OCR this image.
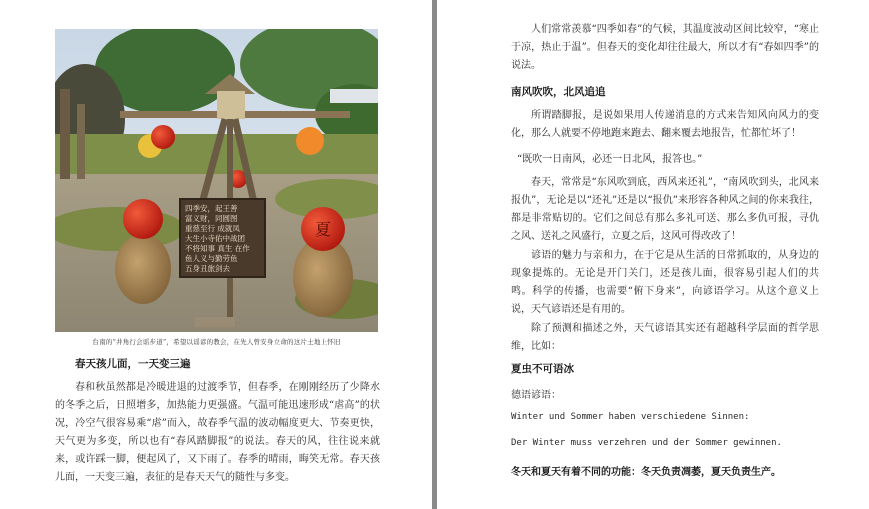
四季安，起王善
富义财，同圆图
重慈至行 成就凤
大生小寺佑中战团
不将知事 真生 在作
鱼人义与勤劳鱼
五身丑旅剑去
夏
台南的“井角行会谣步道”，希望以谣谚的教会，在先人曾安身立命的这片土地上怀旧
春天孩儿面，一天变三遍

春和秋虽然都是冷暖进退的过渡季节，但春季，在刚刚经历了少降水的冬季之后，日照增多，加热能力更强盛。气温可能迅速形成“虐高”的状况，冷空气很容易乘“虐”而入，故春季气温的波动幅度更大、节奏更快，天气更为多变，所以也有“春风踏脚报”的说法。春天的风，往往说来就来，或许踩一脚，便起风了，又下雨了。春季的晴雨，晦笑无常。春天孩儿面，一天变三遍，表征的是春天天气的随性与多变。

人们常常羡慕“四季如春”的气候，其温度波动区间比较窄，“寒止于凉，热止于温”。但春天的变化却往往最大，所以才有“春如四季”的说法。

南风吹吹，北风追追

所谓踏脚报，是说如果用人传递消息的方式来告知风向风力的变化，那么人就要不停地跑来跑去、翻来覆去地报告，忙都忙坏了！

“既吹一日南风，必还一日北风，报答也。”

春天，常常是“东风吹到底，西风来还礼”，“南风吹到头，北风来报仇”，无论是以“还礼”还是以“报仇”来形容各种风之间的你来我往，都是非常贴切的。它们之间总有那么多礼可送、那么多仇可报，寻仇之风、送礼之风盛行，立夏之后，这风可得改改了！

谚语的魅力与亲和力，在于它是从生活的日常抓取的，从身边的现象提炼的。无论是开门关门，还是孩儿面，很容易引起人们的共鸣。科学的传播，也需要“俯下身来”，向谚语学习。从这个意义上说，天气谚语还是有用的。

除了预测和描述之外，天气谚语其实还有超越科学层面的哲学思维，比如：

夏虫不可语冰
德语谚语：
Winter und Sommer haben verschiedene Sinnen:
Der Winter muss verzehren und der Sommer gewinnen.
冬天和夏天有着不同的功能：冬天负责凋萎，夏天负责生产。
